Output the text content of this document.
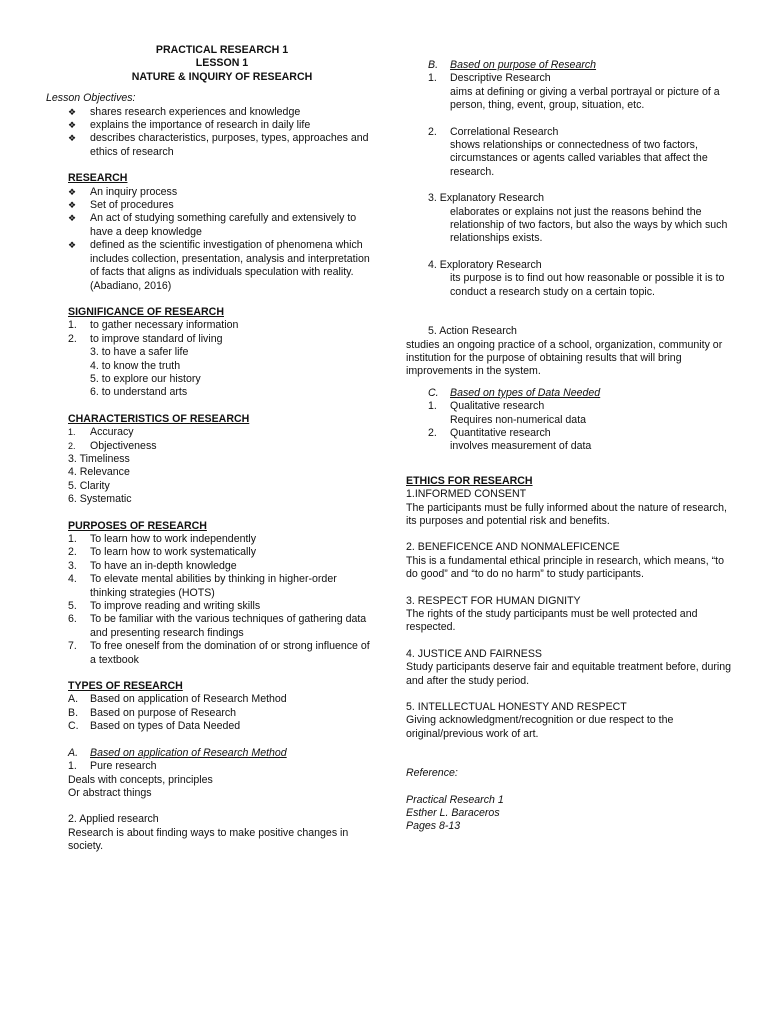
PRACTICAL RESEARCH 1
LESSON 1
NATURE & INQUIRY OF RESEARCH
Lesson Objectives:
❖	shares research experiences and knowledge
❖	explains the importance of research in daily life
❖	describes characteristics, purposes, types, approaches and ethics of research
RESEARCH
❖	An inquiry process
❖	Set of procedures
❖	An act of studying something carefully and extensively to have a deep knowledge
❖	defined as the scientific investigation of phenomena which includes collection, presentation, analysis and interpretation of facts that aligns as individuals speculation with reality. (Abadiano, 2016)
SIGNIFICANCE OF RESEARCH
1.	to gather necessary information
2.	to improve standard of living
3. to have a safer life
4. to know the truth
5. to explore our history
6. to understand arts
CHARACTERISTICS OF RESEARCH
1.	Accuracy
2.	Objectiveness
3. Timeliness
4. Relevance
5. Clarity
6. Systematic
PURPOSES OF RESEARCH
1.	To learn how to work independently
2.	To learn how to work systematically
3.	To have an in-depth knowledge
4.	To elevate mental abilities by thinking in higher-order thinking strategies (HOTS)
5.	To improve reading and writing skills
6.	To be familiar with the various techniques of gathering data and presenting research findings
7.	To free oneself from the domination of or strong influence of a textbook
TYPES OF RESEARCH
A.	Based on application of Research Method
B.	Based on purpose of Research
C.	Based on types of Data Needed
A.	Based on application of Research Method
1.	Pure research
Deals with concepts, principles
Or abstract things
2. Applied research
Research is about finding ways to make positive changes in society.
B.	Based on purpose of Research
1.	Descriptive Research
aims at defining or giving a verbal portrayal or picture of a person, thing, event, group, situation, etc.
2.	Correlational Research
shows relationships or connectedness of two factors, circumstances or agents called variables that affect the research.
3. Explanatory Research
elaborates or explains not just the reasons behind the relationship of two factors, but also the ways by which such relationships exists.
4. Exploratory Research
its purpose is to find out how reasonable or possible it is to conduct a research study on a certain topic.
5. Action Research
studies an ongoing practice of a school, organization, community or institution for the purpose of obtaining results that will bring improvements in the system.
C.	Based on types of Data Needed
1.	Qualitative research
Requires non-numerical data
2.	Quantitative research
involves measurement of data
ETHICS FOR RESEARCH
1.INFORMED CONSENT
The participants must be fully informed about the nature of research, its purposes and potential risk and benefits.
2. BENEFICENCE AND NONMALEFICENCE
This is a fundamental ethical principle in research, which means, “to do good” and “to do no harm” to study participants.
3. RESPECT FOR HUMAN DIGNITY
The rights of the study participants must be well protected and respected.
4. JUSTICE AND FAIRNESS
Study participants deserve fair and equitable treatment before, during and after the study period.
5. INTELLECTUAL HONESTY AND RESPECT
Giving acknowledgment/recognition or due respect to the original/previous work of art.
Reference:
Practical Research 1
Esther L. Baraceros
Pages 8-13
